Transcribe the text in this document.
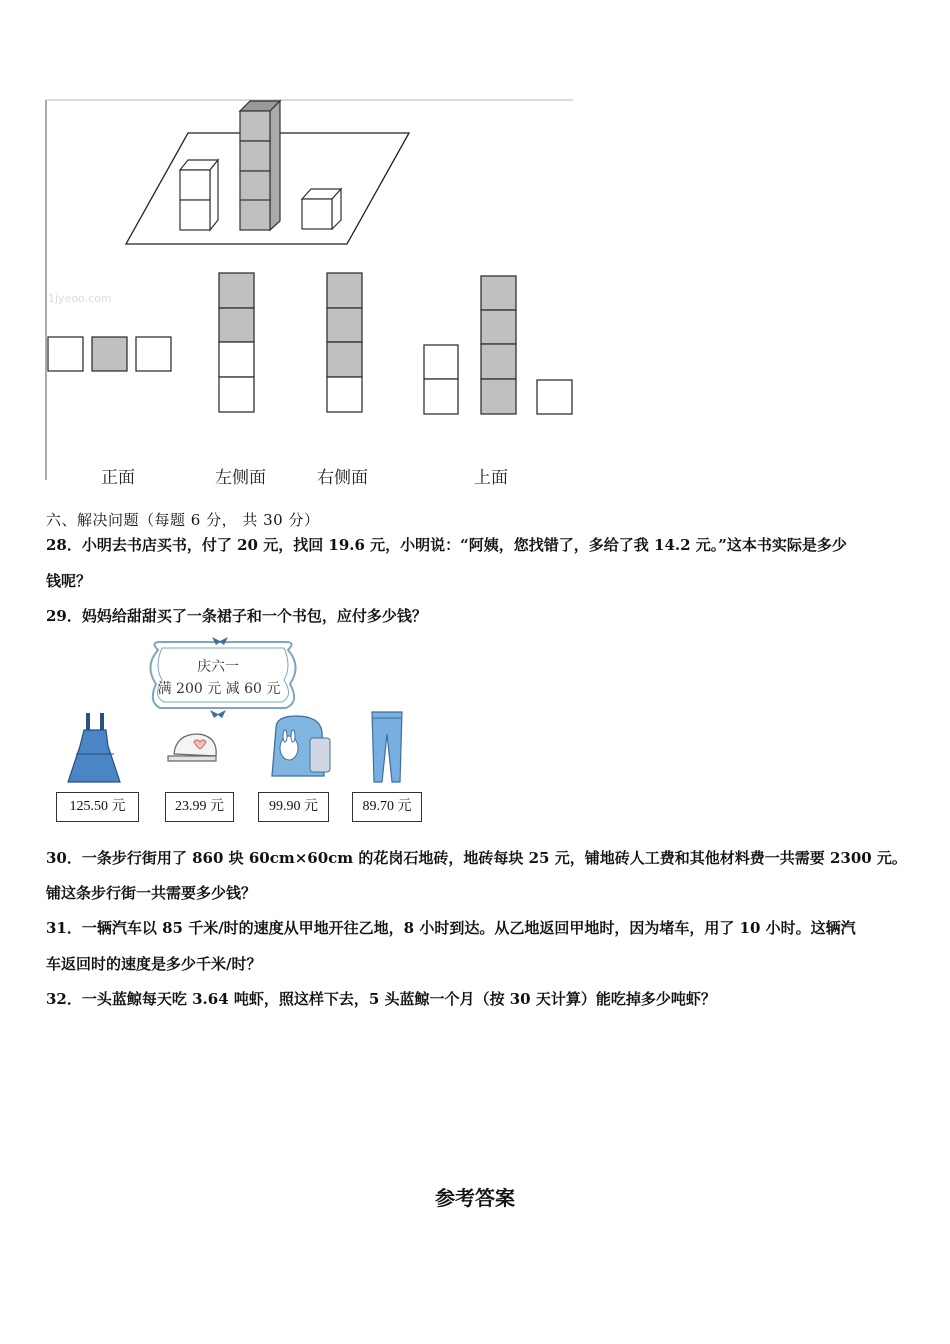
1jyeoo.com
正面	左侧面	右侧面	上面
六、解决问题（每题 6 分， 共 30 分）
28．小明去书店买书，付了 20 元，找回 19.6 元，小明说：“阿姨，您找错了，多给了我 14.2 元。”这本书实际是多少
钱呢？
29．妈妈给甜甜买了一条裙子和一个书包，应付多少钱？
庆六一
满 200 元 减 60 元
125.50 元	23.99 元	99.90 元	89.70 元
30．一条步行街用了 860 块 60cm×60cm 的花岗石地砖，地砖每块 25 元，铺地砖人工费和其他材料费一共需要 2300 元。
铺这条步行街一共需要多少钱？
31．一辆汽车以 85 千米/时的速度从甲地开往乙地，8 小时到达。从乙地返回甲地时，因为堵车，用了 10 小时。这辆汽
车返回时的速度是多少千米/时？
32．一头蓝鲸每天吃 3.64 吨虾，照这样下去，5 头蓝鲸一个月（按 30 天计算）能吃掉多少吨虾？
参考答案
